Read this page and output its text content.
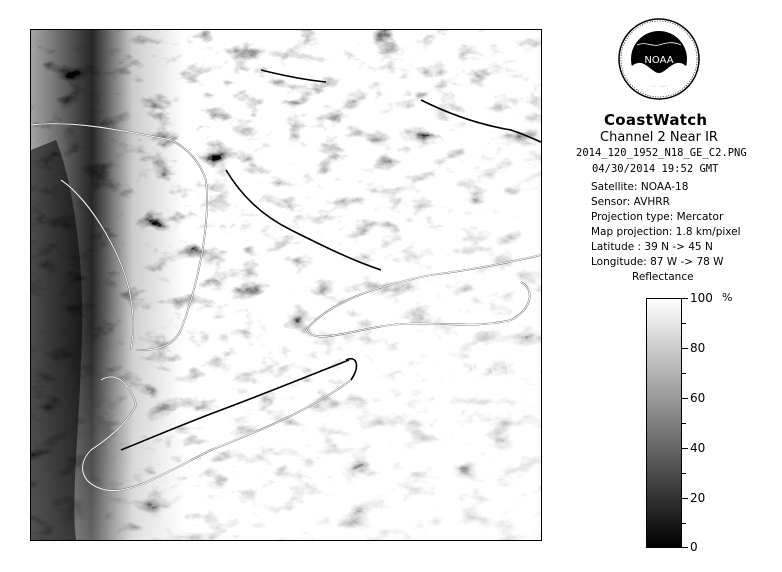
NOAA
CoastWatch
Channel 2 Near IR
2014_120_1952_N18_GE_C2.PNG
04/30/2014 19:52 GMT
Satellite: NOAA-18
Sensor: AVHRR
Projection type: Mercator
Map projection: 1.8 km/pixel
Latitude : 39 N -> 45 N
Longitude: 87 W -> 78 W
Reflectance
%
100
80
60
40
20
0
